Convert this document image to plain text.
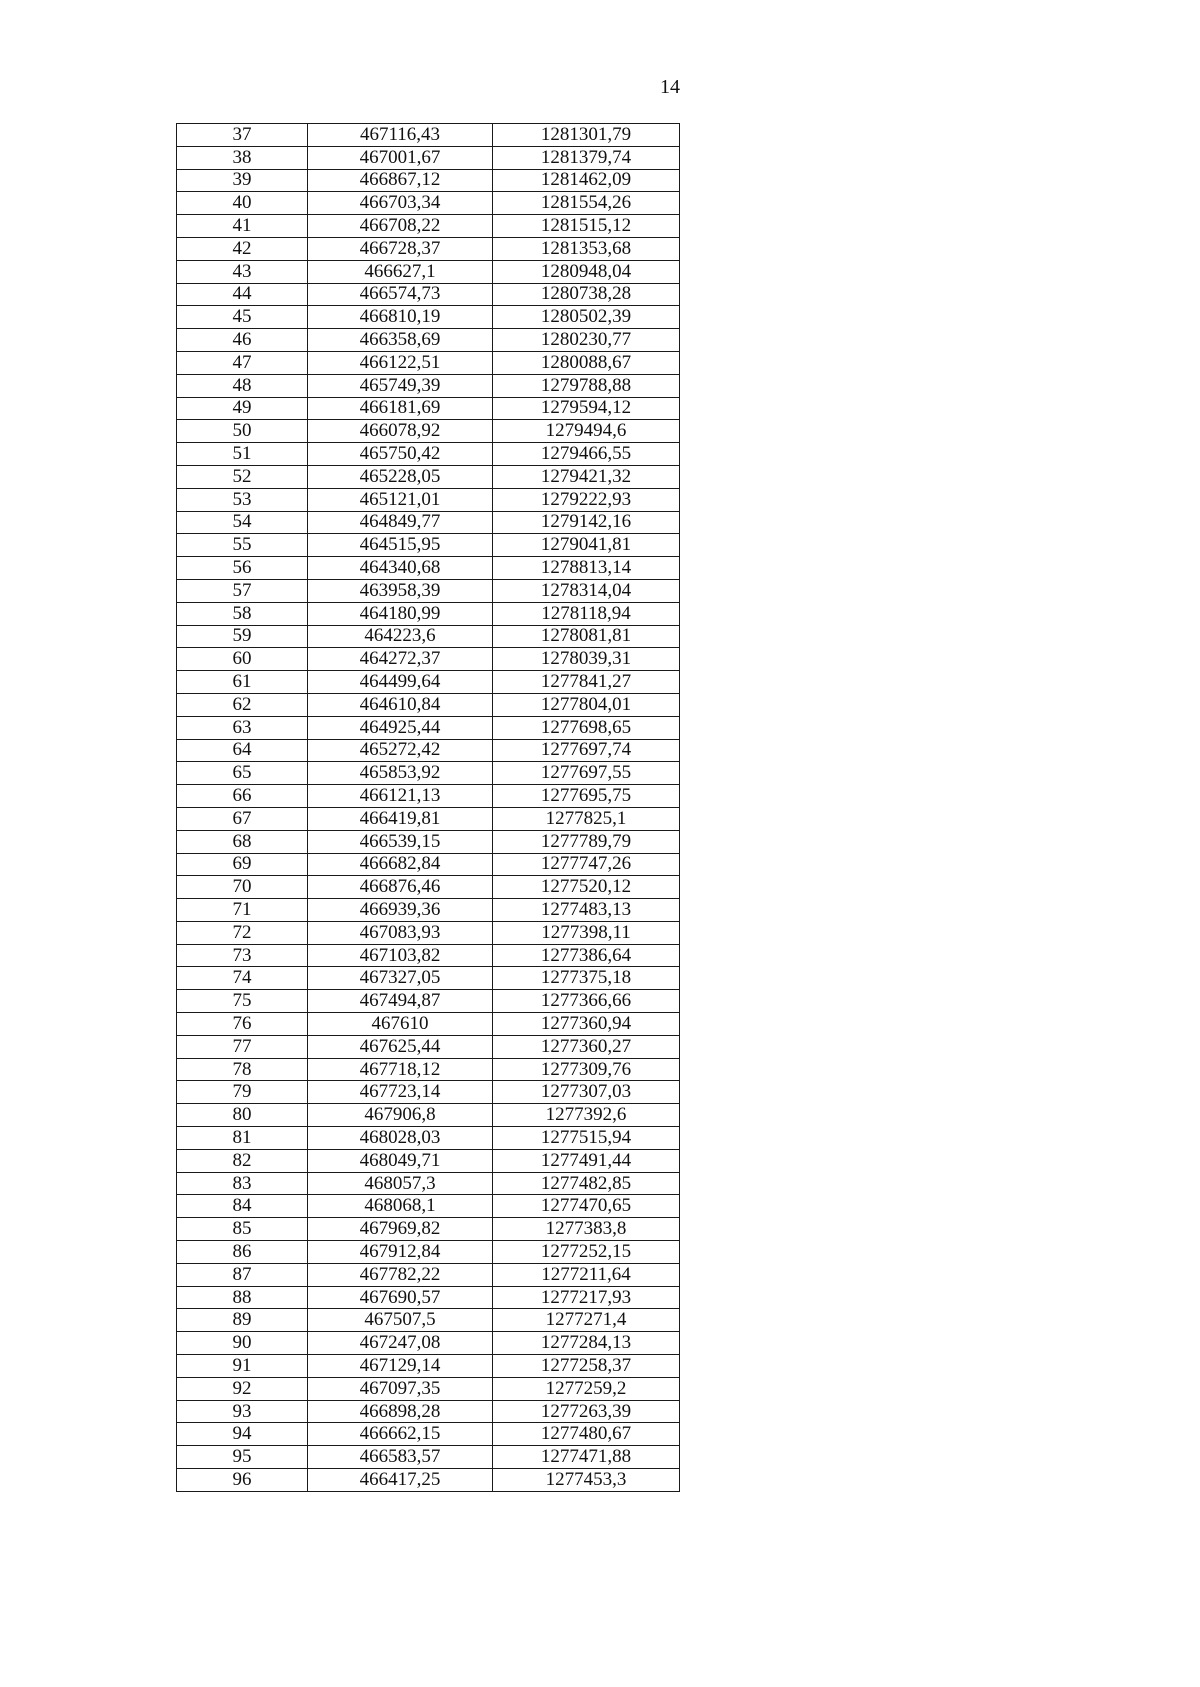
14
37	467116,43	1281301,79
38	467001,67	1281379,74
39	466867,12	1281462,09
40	466703,34	1281554,26
41	466708,22	1281515,12
42	466728,37	1281353,68
43	466627,1	1280948,04
44	466574,73	1280738,28
45	466810,19	1280502,39
46	466358,69	1280230,77
47	466122,51	1280088,67
48	465749,39	1279788,88
49	466181,69	1279594,12
50	466078,92	1279494,6
51	465750,42	1279466,55
52	465228,05	1279421,32
53	465121,01	1279222,93
54	464849,77	1279142,16
55	464515,95	1279041,81
56	464340,68	1278813,14
57	463958,39	1278314,04
58	464180,99	1278118,94
59	464223,6	1278081,81
60	464272,37	1278039,31
61	464499,64	1277841,27
62	464610,84	1277804,01
63	464925,44	1277698,65
64	465272,42	1277697,74
65	465853,92	1277697,55
66	466121,13	1277695,75
67	466419,81	1277825,1
68	466539,15	1277789,79
69	466682,84	1277747,26
70	466876,46	1277520,12
71	466939,36	1277483,13
72	467083,93	1277398,11
73	467103,82	1277386,64
74	467327,05	1277375,18
75	467494,87	1277366,66
76	467610	1277360,94
77	467625,44	1277360,27
78	467718,12	1277309,76
79	467723,14	1277307,03
80	467906,8	1277392,6
81	468028,03	1277515,94
82	468049,71	1277491,44
83	468057,3	1277482,85
84	468068,1	1277470,65
85	467969,82	1277383,8
86	467912,84	1277252,15
87	467782,22	1277211,64
88	467690,57	1277217,93
89	467507,5	1277271,4
90	467247,08	1277284,13
91	467129,14	1277258,37
92	467097,35	1277259,2
93	466898,28	1277263,39
94	466662,15	1277480,67
95	466583,57	1277471,88
96	466417,25	1277453,3
